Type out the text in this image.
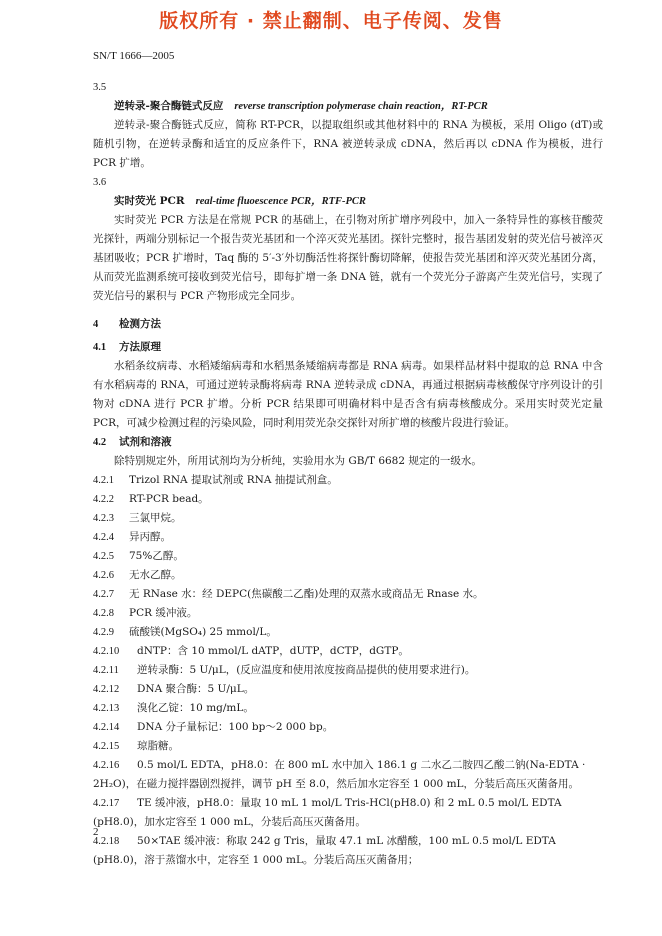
版权所有 · 禁止翻制、电子传阅、发售
SN/T 1666—2005
3.5
逆转录-聚合酶链式反应 reverse transcription polymerase chain reaction，RT-PCR

逆转录-聚合酶链式反应，简称 RT-PCR，以提取组织或其他材料中的 RNA 为模板，采用 Oligo (dT)或随机引物，在逆转录酶和适宜的反应条件下，RNA 被逆转录成 cDNA，然后再以 cDNA 作为模板，进行 PCR 扩增。

3.6
实时荧光 PCR real-time fluoescence PCR，RTF-PCR

实时荧光 PCR 方法是在常规 PCR 的基础上，在引物对所扩增序列段中，加入一条特异性的寡核苷酸荧光探针，两端分别标记一个报告荧光基团和一个淬灭荧光基团。探针完整时，报告基团发射的荧光信号被淬灭基团吸收；PCR 扩增时，Taq 酶的 5′-3′外切酶活性将探针酶切降解，使报告荧光基团和淬灭荧光基团分离，从而荧光监测系统可接收到荧光信号，即每扩增一条 DNA 链，就有一个荧光分子游离产生荧光信号，实现了荧光信号的累积与 PCR 产物形成完全同步。

4 检测方法
4.1 方法原理

水稻条纹病毒、水稻矮缩病毒和水稻黑条矮缩病毒都是 RNA 病毒。如果样品材料中提取的总 RNA 中含有水稻病毒的 RNA，可通过逆转录酶将病毒 RNA 逆转录成 cDNA，再通过根据病毒核酸保守序列设计的引物对 cDNA 进行 PCR 扩增。分析 PCR 结果即可明确材料中是否含有病毒核酸成分。采用实时荧光定量 PCR，可减少检测过程的污染风险，同时利用荧光杂交探针对所扩增的核酸片段进行验证。

4.2 试剂和溶液

除特别规定外，所用试剂均为分析纯，实验用水为 GB/T 6682 规定的一级水。

4.2.1 Trizol RNA 提取试剂或 RNA 抽提试剂盒。
4.2.2 RT-PCR bead。
4.2.3 三氯甲烷。
4.2.4 异丙醇。
4.2.5 75%乙醇。
4.2.6 无水乙醇。
4.2.7 无 RNase 水：经 DEPC(焦碳酸二乙酯)处理的双蒸水或商品无 Rnase 水。
4.2.8 PCR 缓冲液。
4.2.9 硫酸镁(MgSO₄) 25 mmol/L。
4.2.10 dNTP：含 10 mmol/L dATP，dUTP，dCTP，dGTP。
4.2.11 逆转录酶：5 U/μL，(反应温度和使用浓度按商品提供的使用要求进行)。
4.2.12 DNA 聚合酶：5 U/μL。
4.2.13 溴化乙锭：10 mg/mL。
4.2.14 DNA 分子量标记：100 bp～2 000 bp。
4.2.15 琼脂糖。
4.2.16 0.5 mol/L EDTA，pH8.0：在 800 mL 水中加入 186.1 g 二水乙二胺四乙酸二钠(Na-EDTA · 2H₂O)，在磁力搅拌器剧烈搅拌，调节 pH 至 8.0，然后加水定容至 1 000 mL，分装后高压灭菌备用。
4.2.17 TE 缓冲液，pH8.0：量取 10 mL 1 mol/L Tris-HCl(pH8.0) 和 2 mL 0.5 mol/L EDTA (pH8.0)，加水定容至 1 000 mL，分装后高压灭菌备用。
4.2.18 50×TAE 缓冲液：称取 242 g Tris，量取 47.1 mL 冰醋酸，100 mL 0.5 mol/L EDTA (pH8.0)，溶于蒸馏水中，定容至 1 000 mL。分装后高压灭菌备用；
2
